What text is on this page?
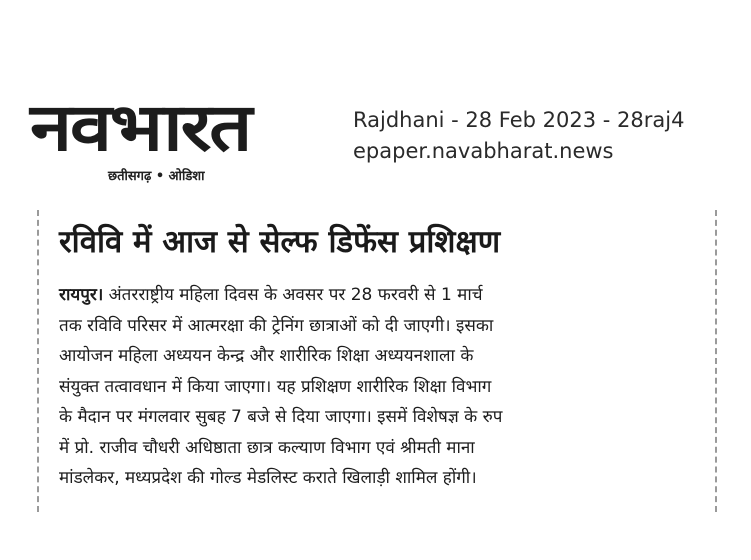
नवभारत
छतीसगढ़ • ओडिशा
Rajdhani - 28 Feb 2023 - 28raj4
epaper.navabharat.news
रविवि में आज से सेल्फ डिफेंस प्रशिक्षण
रायपुर। अंतरराष्ट्रीय महिला दिवस के अवसर पर 28 फरवरी से 1 मार्च
तक रविवि परिसर में आत्मरक्षा की ट्रेनिंग छात्राओं को दी जाएगी। इसका
आयोजन महिला अध्ययन केन्द्र और शारीरिक शिक्षा अध्ययनशाला के
संयुक्त तत्वावधान में किया जाएगा। यह प्रशिक्षण शारीरिक शिक्षा विभाग
के मैदान पर मंगलवार सुबह 7 बजे से दिया जाएगा। इसमें विशेषज्ञ के रुप
में प्रो. राजीव चौधरी अधिष्ठाता छात्र कल्याण विभाग एवं श्रीमती माना
मांडलेकर, मध्यप्रदेश की गोल्ड मेडलिस्ट कराते खिलाड़ी शामिल होंगी।
